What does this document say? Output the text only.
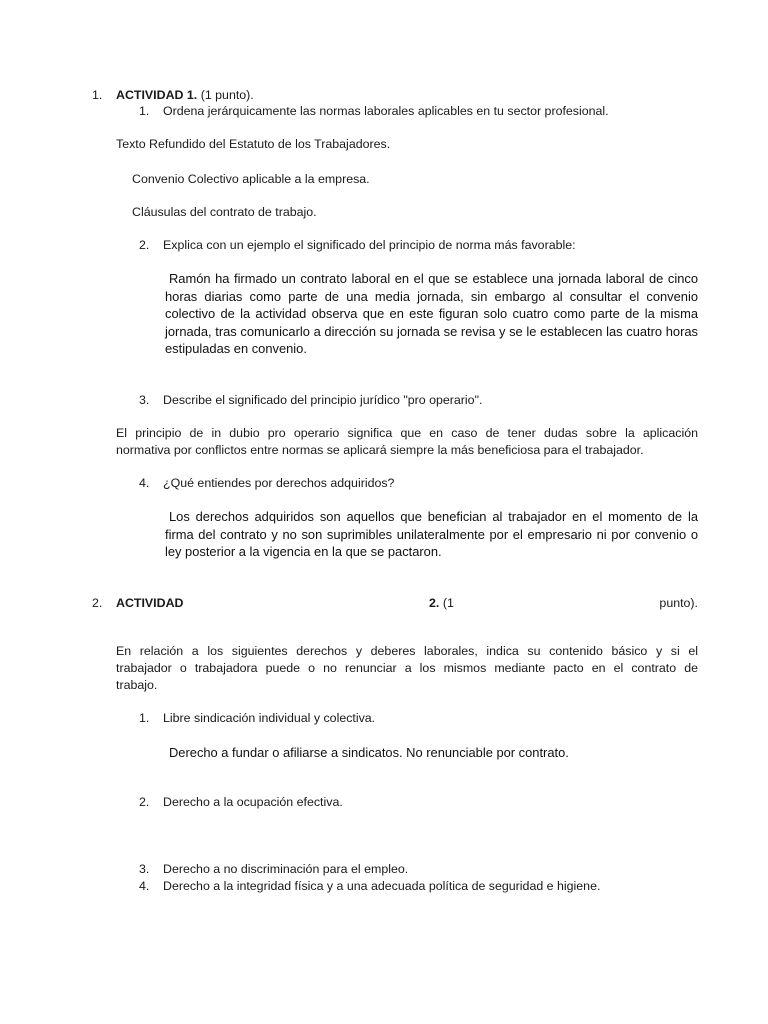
1. ACTIVIDAD 1. (1 punto).
1. Ordena jerárquicamente las normas laborales aplicables en tu sector profesional.
Texto Refundido del Estatuto de los Trabajadores.
Convenio Colectivo aplicable a la empresa.
Cláusulas del contrato de trabajo.
2. Explica con un ejemplo el significado del principio de norma más favorable:

Ramón ha firmado un contrato laboral en el que se establece una jornada laboral de cinco

horas diarias como parte de una media jornada, sin embargo al consultar el convenio

colectivo de la actividad observa que en este figuran solo cuatro como parte de la misma

jornada, tras comunicarlo a dirección su jornada se revisa y se le establecen las cuatro horas

estipuladas en convenio.

3. Describe el significado del principio jurídico "pro operario".

El principio de in dubio pro operario significa que en caso de tener dudas sobre la aplicación

normativa por conflictos entre normas se aplicará siempre la más beneficiosa para el trabajador.

4. ¿Qué entiendes por derechos adquiridos?

Los derechos adquiridos son aquellos que benefician al trabajador en el momento de la

firma del contrato y no son suprimibles unilateralmente por el empresario ni por convenio o

ley posterior a la vigencia en la que se pactaron.

2. ACTIVIDAD	2. (1	punto).

En relación a los siguientes derechos y deberes laborales, indica su contenido básico y si el

trabajador o trabajadora puede o no renunciar a los mismos mediante pacto en el contrato de

trabajo.

1. Libre sindicación individual y colectiva.
Derecho a fundar o afiliarse a sindicatos. No renunciable por contrato.
2. Derecho a la ocupación efectiva.
3. Derecho a no discriminación para el empleo.
4. Derecho a la integridad física y a una adecuada política de seguridad e higiene.
